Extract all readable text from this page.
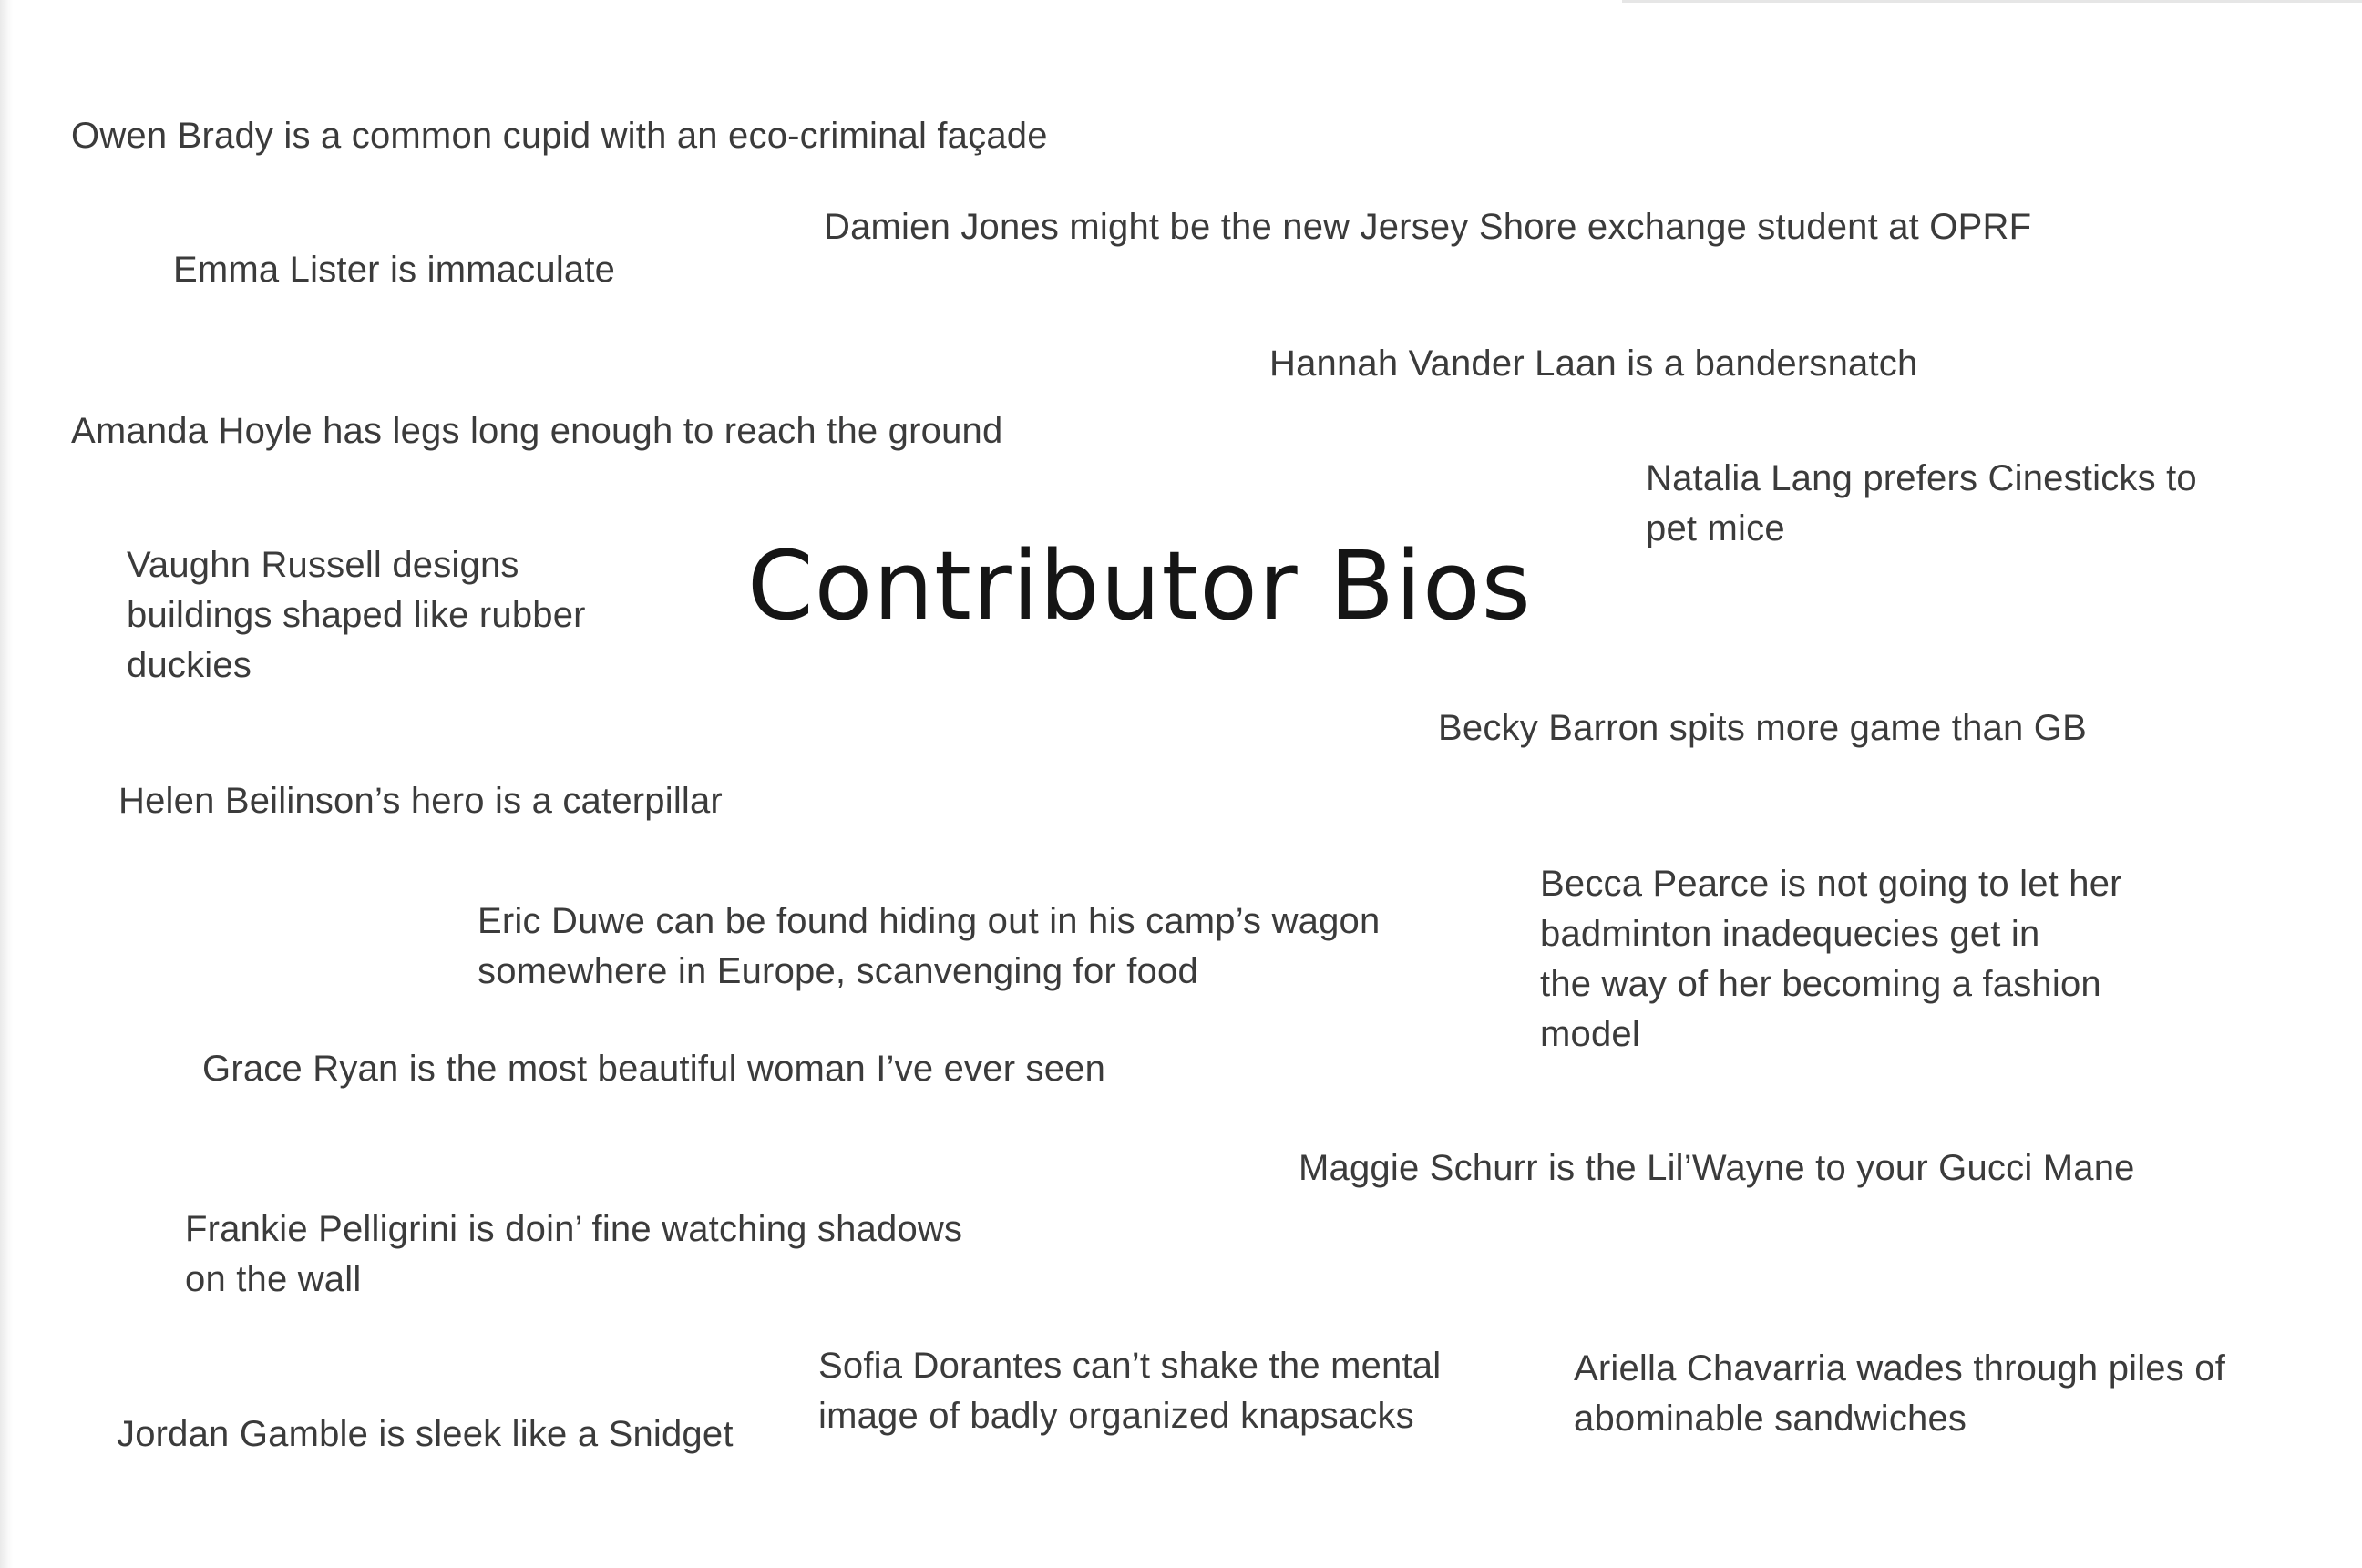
Contributor Bios

Owen Brady is a common cupid with an eco-criminal façade

Damien Jones might be the new Jersey Shore exchange student at OPRF

Emma Lister is immaculate

Hannah Vander Laan is a bandersnatch

Amanda Hoyle has legs long enough to reach the ground

Natalia Lang prefers Cinesticks to
pet mice
Vaughn Russell designs
buildings shaped like rubber
duckies

Becky Barron spits more game than GB

Helen Beilinson’s hero is a caterpillar

Eric Duwe can be found hiding out in his camp’s wagon
somewhere in Europe, scanvenging for food
Becca Pearce is not going to let her
badminton inadequecies get in
the way of her becoming a fashion
model

Grace Ryan is the most beautiful woman I’ve ever seen

Maggie Schurr is the Lil’Wayne to your Gucci Mane

Frankie Pelligrini is doin’ fine watching shadows
on the wall
Sofia Dorantes can’t shake the mental
image of badly organized knapsacks
Ariella Chavarria wades through piles of
abominable sandwiches

Jordan Gamble is sleek like a Snidget
